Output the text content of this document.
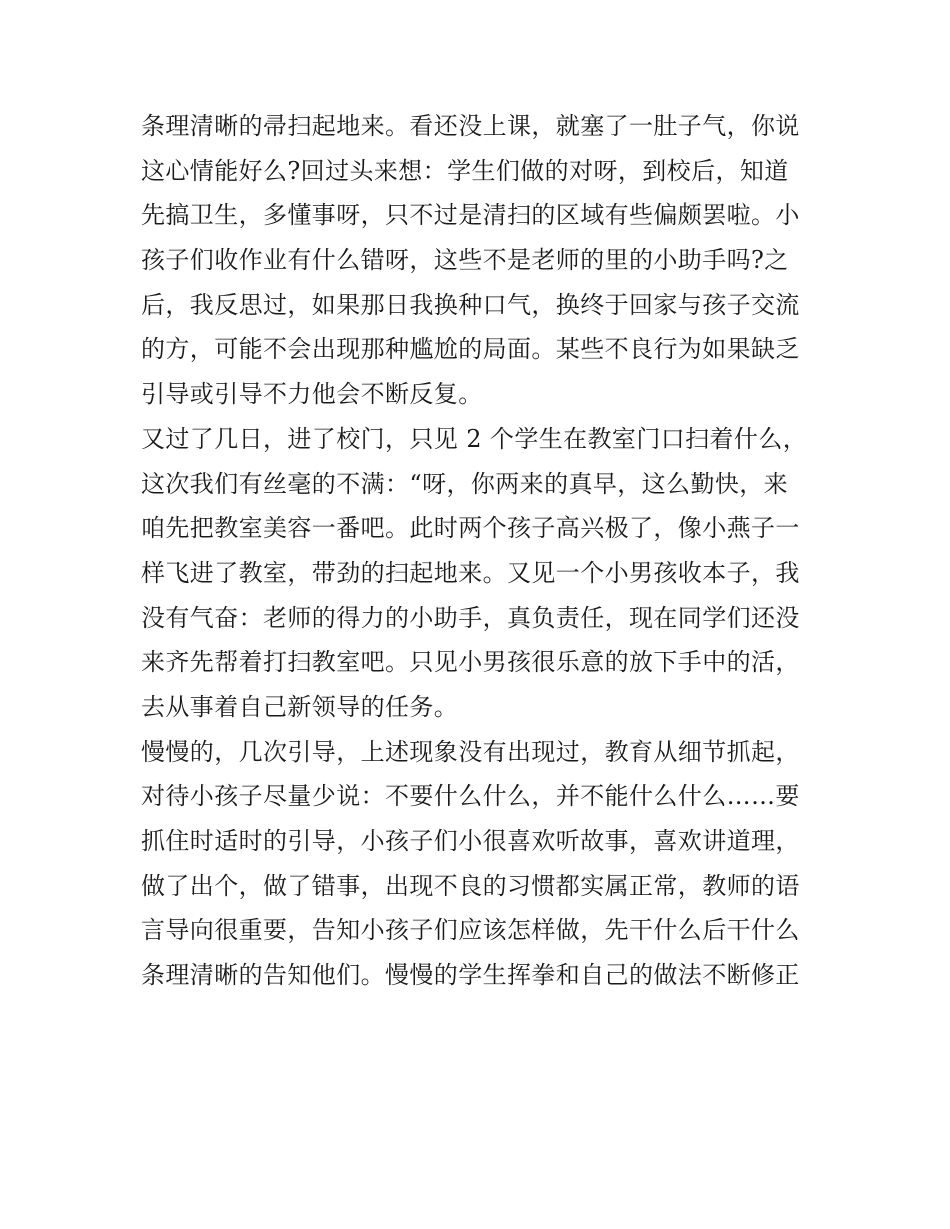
条理清晰的帚扫起地来。看还没上课，就塞了一肚子气，你说
这心情能好么?回过头来想：学生们做的对呀，到校后，知道
先搞卫生，多懂事呀，只不过是清扫的区域有些偏颇罢啦。小
孩子们收作业有什么错呀，这些不是老师的里的小助手吗?之
后，我反思过，如果那日我换种口气，换终于回家与孩子交流
的方，可能不会出现那种尴尬的局面。某些不良行为如果缺乏
引导或引导不力他会不断反复。
又过了几日，进了校门，只见 2 个学生在教室门口扫着什么，
这次我们有丝毫的不满：“呀，你两来的真早，这么勤快，来
咱先把教室美容一番吧。此时两个孩子高兴极了，像小燕子一
样飞进了教室，带劲的扫起地来。又见一个小男孩收本子，我
没有气奋：老师的得力的小助手，真负责任，现在同学们还没
来齐先帮着打扫教室吧。只见小男孩很乐意的放下手中的活，
去从事着自己新领导的任务。
慢慢的，几次引导，上述现象没有出现过，教育从细节抓起，
对待小孩子尽量少说：不要什么什么，并不能什么什么……要
抓住时适时的引导，小孩子们小很喜欢听故事，喜欢讲道理，
做了出个，做了错事，出现不良的习惯都实属正常，教师的语
言导向很重要，告知小孩子们应该怎样做，先干什么后干什么
条理清晰的告知他们。慢慢的学生挥拳和自己的做法不断修正
